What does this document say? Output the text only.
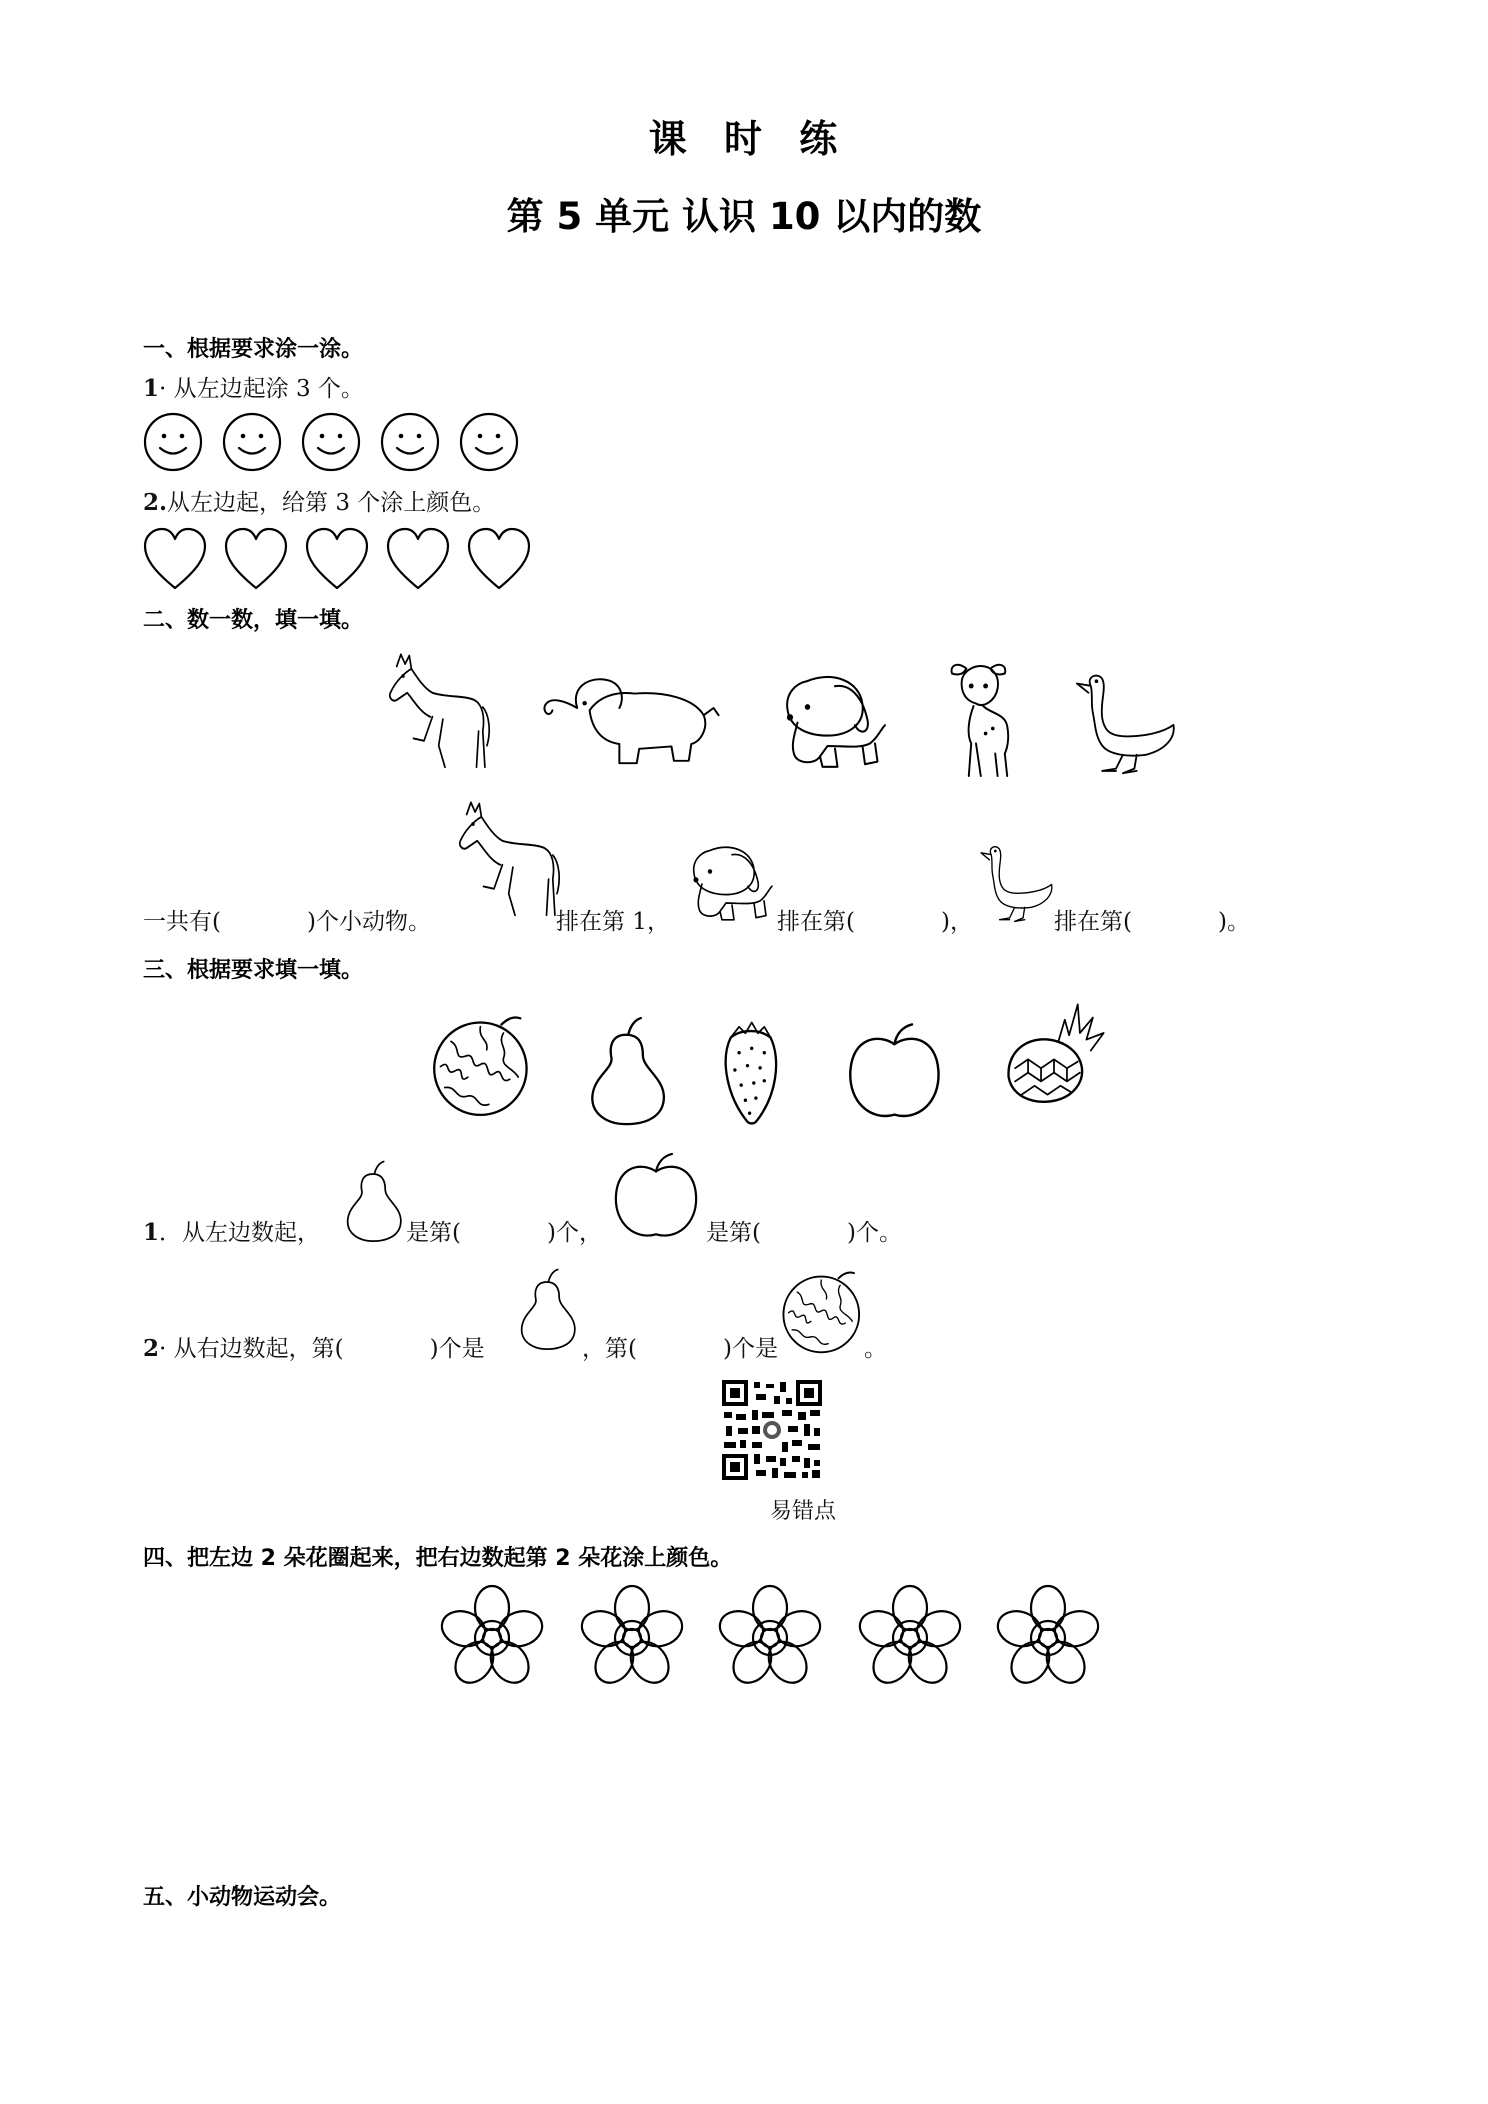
课 时 练
第 5 单元 认识 10 以内的数
一、根据要求涂一涂。
1· 从左边起涂 3 个。
2.从左边起，给第 3 个涂上颜色。
二、数一数，填一填。
一共有(	)个小动物。	排在第 1，	排在第(	)，	排在第(	)。
三、根据要求填一填。
1．从左边数起，	是第(	)个，	是第(	)个。
2· 从右边数起，第(	)个是	，第(	)个是	。
易错点
四、把左边 2 朵花圈起来，把右边数起第 2 朵花涂上颜色。
五、小动物运动会。
